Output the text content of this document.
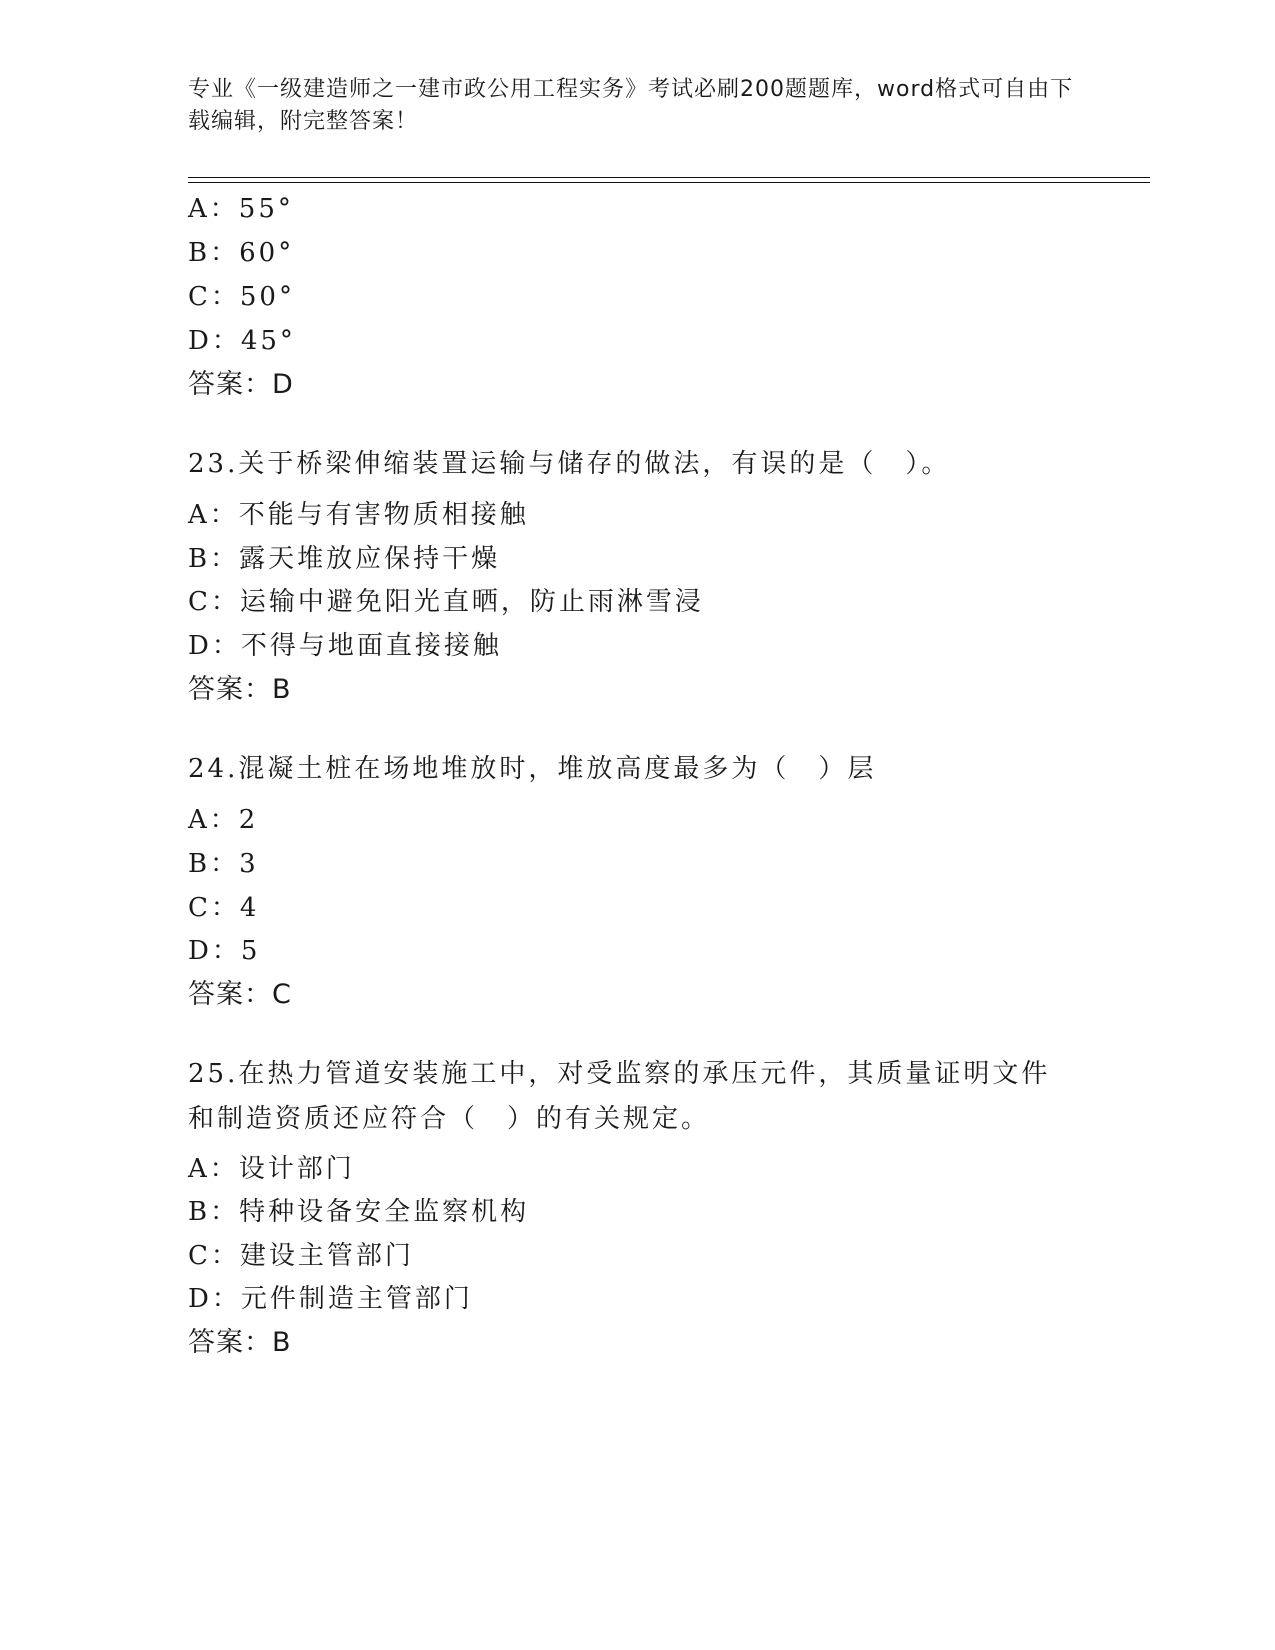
专业《一级建造师之一建市政公用工程实务》考试必刷200题题库，word格式可自由下载编辑，附完整答案！
A：55°
B：60°
C：50°
D：45°
答案：D
23.关于桥梁伸缩装置运输与储存的做法，有误的是（　）。
A：不能与有害物质相接触
B：露天堆放应保持干燥
C：运输中避免阳光直晒，防止雨淋雪浸
D：不得与地面直接接触
答案：B
24.混凝土桩在场地堆放时，堆放高度最多为（　）层
A：2
B：3
C：4
D：5
答案：C
25.在热力管道安装施工中，对受监察的承压元件，其质量证明文件和制造资质还应符合（　）的有关规定。
A：设计部门
B：特种设备安全监察机构
C：建设主管部门
D：元件制造主管部门
答案：B
